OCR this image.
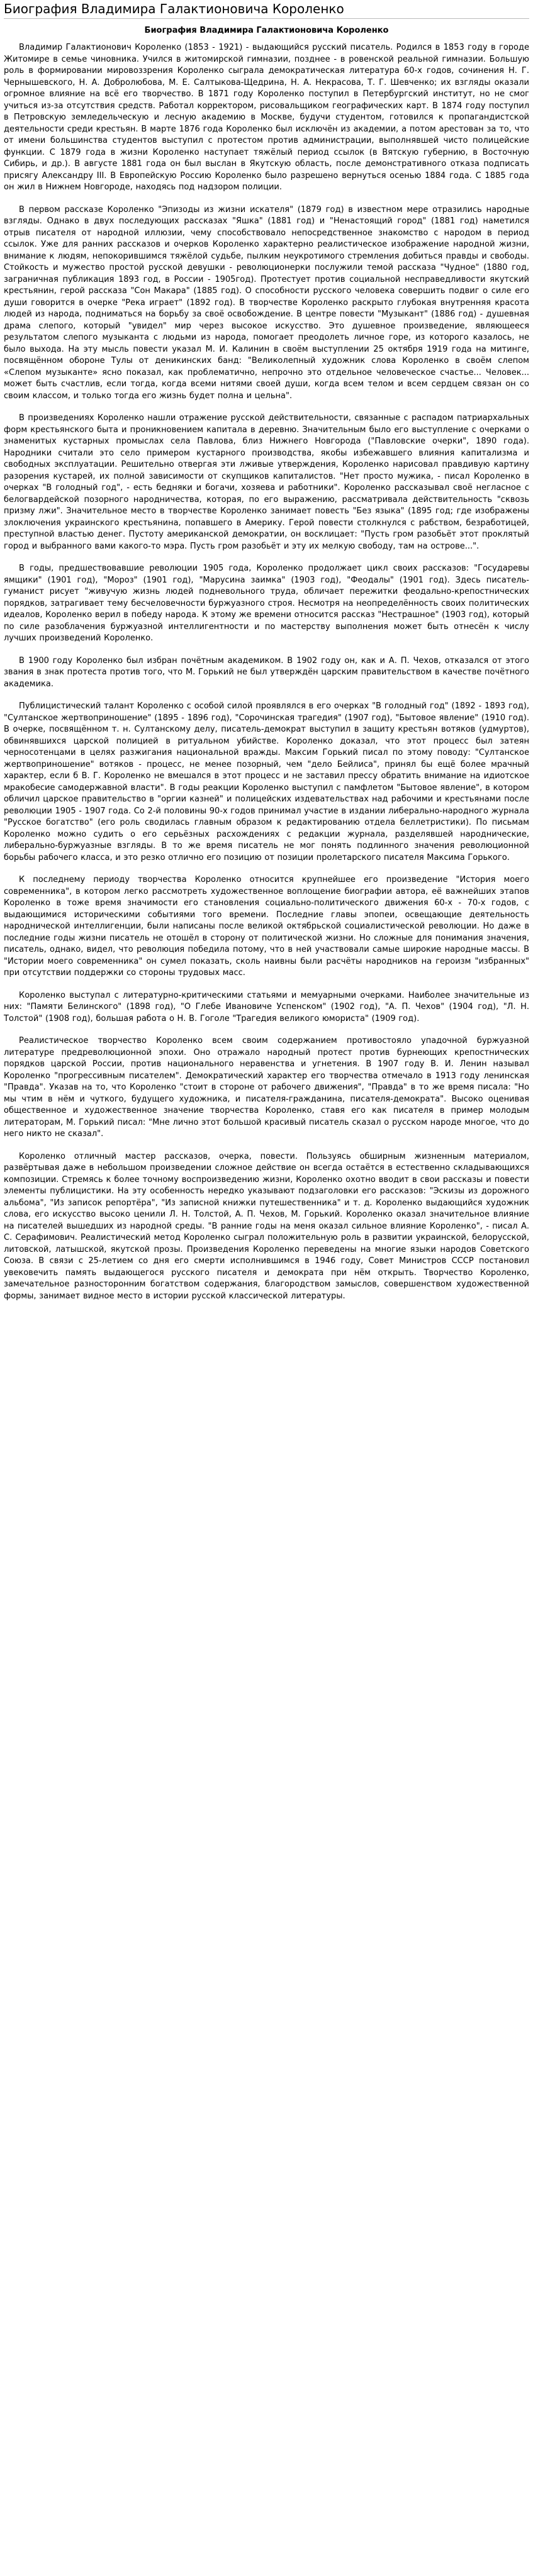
Биография Владимира Галактионовича Короленко
Биография Владимира Галактионовича Короленко

Владимир Галактионович Короленко (1853 - 1921) - выдающийся русский писатель. Родился в 1853 году в городе Житомире в семье чиновника. Учился в житомирской гимназии, позднее - в ровенской реальной гимназии. Большую роль в формировании мировоззрения Короленко сыграла демократическая литература 60-х годов, сочинения Н. Г. Чернышевского, Н. А. Добролюбова, М. Е. Салтыкова-Щедрина, Н. А. Некрасова, Т. Г. Шевченко; их взгляды оказали огромное влияние на всё его творчество. В 1871 году Короленко поступил в Петербургский институт, но не смог учиться из-за отсутствия средств. Работал корректором, рисовальщиком географических карт. В 1874 году поступил в Петровскую земледельческую и лесную академию в Москве, будучи студентом, готовился к пропагандистской деятельности среди крестьян. В марте 1876 года Короленко был исключён из академии, а потом арестован за то, что от имени большинства студентов выступил с протестом против администрации, выполнявшей чисто полицейские функции. С 1879 года в жизни Короленко наступает тяжёлый период ссылок (в Вятскую губернию, в Восточную Сибирь, и др.). В августе 1881 года он был выслан в Якутскую область, после демонстративного отказа подписать присягу Александру III. В Европейскую Россию Короленко было разрешено вернуться осенью 1884 года. С 1885 года он жил в Нижнем Новгороде, находясь под надзором полиции.

В первом рассказе Короленко "Эпизоды из жизни искателя" (1879 год) в известном мере отразились народные взгляды. Однако в двух последующих рассказах "Яшка" (1881 год) и "Ненастоящий город" (1881 год) наметился отрыв писателя от народной иллюзии, чему способствовало непосредственное знакомство с народом в период ссылок. Уже для ранних рассказов и очерков Короленко характерно реалистическое изображение народной жизни, внимание к людям, непокорившимся тяжёлой судьбе, пылким неукротимого стремления добиться правды и свободы. Стойкость и мужество простой русской девушки - революционерки послужили темой рассказа "Чудное" (1880 год, заграничная публикация 1893 год, в России - 1905год). Протестует против социальной несправедливости якутский крестьянин, герой рассказа "Сон Макара" (1885 год). О способности русского человека совершить подвиг о силе его души говорится в очерке "Река играет" (1892 год). В творчестве Короленко раскрыто глубокая внутренняя красота людей из народа, подниматься на борьбу за своё освобождение. В центре повести "Музыкант" (1886 год) - душевная драма слепого, который "увидел" мир через высокое искусство. Это душевное произведение, являющееся результатом слепого музыканта с людьми из народа, помогает преодолеть личное горе, из которого казалось, не было выхода. На эту мысль повести указал М. И. Калинин в своём выступлении 25 октября 1919 года на митинге, посвящённом обороне Тулы от деникинских банд: "Великолепный художник слова Короленко в своём слепом «Слепом музыканте» ясно показал, как проблематично, непрочно это отдельное человеческое счастье... Человек... может быть счастлив, если тогда, когда всеми нитями своей души, когда всем телом и всем сердцем связан он со своим классом, и только тогда его жизнь будет полна и цельна".

В произведениях Короленко нашли отражение русской действительности, связанные с распадом патриархальных форм крестьянского быта и проникновением капитала в деревню. Значительным было его выступление с очерками о знаменитых кустарных промыслах села Павлова, близ Нижнего Новгорода ("Павловские очерки", 1890 года). Народники считали это село примером кустарного производства, якобы избежавшего влияния капитализма и свободных эксплуатации. Решительно отвергая эти лживые утверждения, Короленко нарисовал правдивую картину разорения кустарей, их полной зависимости от скупщиков капиталистов. "Нет просто мужика, - писал Короленко в очерках "В голодный год", - есть бедняки и богачи, хозяева и работники". Короленко рассказывал своё негласное с белогвардейской позорного народничества, которая, по его выражению, рассматривала действительность "сквозь призму лжи". Значительное место в творчестве Короленко занимает повесть "Без языка" (1895 год; где изображены злоключения украинского крестьянина, попавшего в Америку. Герой повести столкнулся с рабством, безработицей, преступной властью денег. Пустоту американской демократии, он восклицает: "Пусть гром разобьёт этот проклятый город и выбранного вами какого-то мэра. Пусть гром разобьёт и эту их мелкую свободу, там на острове...".

В годы, предшествовавшие революции 1905 года, Короленко продолжает цикл своих рассказов: "Государевы ямщики" (1901 год), "Мороз" (1901 год), "Марусина заимка" (1903 год), "Феодалы" (1901 год). Здесь писатель-гуманист рисует "живучую жизнь людей подневольного труда, обличает пережитки феодально-крепостнических порядков, затрагивает тему бесчеловечности буржуазного строя. Несмотря на неопределённость своих политических идеалов, Короленко верил в победу народа. К этому же времени относится рассказ "Нестрашное" (1903 год), который по силе разоблачения буржуазной интеллигентности и по мастерству выполнения может быть отнесён к числу лучших произведений Короленко.

В 1900 году Короленко был избран почётным академиком. В 1902 году он, как и А. П. Чехов, отказался от этого звания в знак протеста против того, что М. Горький не был утверждён царским правительством в качестве почётного академика.

Публицистический талант Короленко с особой силой проявлялся в его очерках "В голодный год" (1892 - 1893 год), "Султанское жертвоприношение" (1895 - 1896 год), "Сорочинская трагедия" (1907 год), "Бытовое явление" (1910 год). В очерке, посвящённом т. н. Султанскому делу, писатель-демократ выступил в защиту крестьян вотяков (удмуртов), обвинявшихся царской полицией в ритуальном убийстве. Короленко доказал, что этот процесс был затеян черносотенцами в целях разжигания национальной вражды. Максим Горький писал по этому поводу: "Султанское жертвоприношение" вотяков - процесс, не менее позорный, чем "дело Бейлиса", принял бы ещё более мрачный характер, если б В. Г. Короленко не вмешался в этот процесс и не заставил прессу обратить внимание на идиотское мракобесие самодержавной власти". В годы реакции Короленко выступил с памфлетом "Бытовое явление", в котором обличил царское правительство в "оргии казней" и полицейских издевательствах над рабочими и крестьянами после революции 1905 - 1907 года. Со 2-й половины 90-х годов принимал участие в издании либерально-народного журнала "Русское богатство" (его роль сводилась главным образом к редактированию отдела беллетристики). По письмам Короленко можно судить о его серьёзных расхождениях с редакции журнала, разделявшей народнические, либерально-буржуазные взгляды. В то же время писатель не мог понять подлинного значения революционной борьбы рабочего класса, и это резко отлично его позицию от позиции пролетарского писателя Максима Горького.

К последнему периоду творчества Короленко относится крупнейшее его произведение "История моего современника", в котором легко рассмотреть художественное воплощение биографии автора, её важнейших этапов Короленко в тоже время значимости его становления социально-политического движения 60-х - 70-х годов, с выдающимися историческими событиями того времени. Последние главы эпопеи, освещающие деятельность народнической интеллигенции, были написаны после великой октябрьской социалистической революции. Но даже в последние годы жизни писатель не отошёл в сторону от политической жизни. Но сложные для понимания значения, писатель, однако, видел, что революция победила потому, что в ней участвовали самые широкие народные массы. В "Истории моего современника" он сумел показать, сколь наивны были расчёты народников на героизм "избранных" при отсутствии поддержки со стороны трудовых масс.

Короленко выступал с литературно-критическими статьями и мемуарными очерками. Наиболее значительные из них: "Памяти Белинского" (1898 год), "О Глебе Ивановиче Успенском" (1902 год), "А. П. Чехов" (1904 год), "Л. Н. Толстой" (1908 год), большая работа о Н. В. Гоголе "Трагедия великого юмориста" (1909 год).

Реалистическое творчество Короленко всем своим содержанием противостояло упадочной буржуазной литературе предреволюционной эпохи. Оно отражало народный протест против бурнеющих крепостнических порядков царской России, против национального неравенства и угнетения. В 1907 году В. И. Ленин называл Короленко "прогрессивным писателем". Демократический характер его творчества отмечало в 1913 году ленинская "Правда". Указав на то, что Короленко "стоит в стороне от рабочего движения", "Правда" в то же время писала: "Но мы чтим в нём и чуткого, будущего художника, и писателя-гражданина, писателя-демократа". Высоко оценивая общественное и художественное значение творчества Короленко, ставя его как писателя в пример молодым литераторам, М. Горький писал: "Мне лично этот большой красивый писатель сказал о русском народе многое, что до него никто не сказал".

Короленко отличный мастер рассказов, очерка, повести. Пользуясь обширным жизненным материалом, развёртывая даже в небольшом произведении сложное действие он всегда остаётся в естественно складывающихся композиции. Стремясь к более точному воспроизведению жизни, Короленко охотно вводит в свои рассказы и повести элементы публицистики. На эту особенность нередко указывают подзаголовки его рассказов: "Эскизы из дорожного альбома", "Из записок репортёра", "Из записной книжки путешественника" и т. д. Короленко выдающийся художник слова, его искусство высоко ценили Л. Н. Толстой, А. П. Чехов, М. Горький. Короленко оказал значительное влияние на писателей вышедших из народной среды. "В ранние годы на меня оказал сильное влияние Короленко", - писал А. С. Серафимович. Реалистический метод Короленко сыграл положительную роль в развитии украинской, белорусской, литовской, латышской, якутской прозы. Произведения Короленко переведены на многие языки народов Советского Союза. В связи с 25-летием со дня его смерти исполнившимся в 1946 году, Совет Министров СССР постановил увековечить память выдающегося русского писателя и демократа при нём открыть. Творчество Короленко, замечательное разносторонним богатством содержания, благородством замыслов, совершенством художественной формы, занимает видное место в истории русской классической литературы.
